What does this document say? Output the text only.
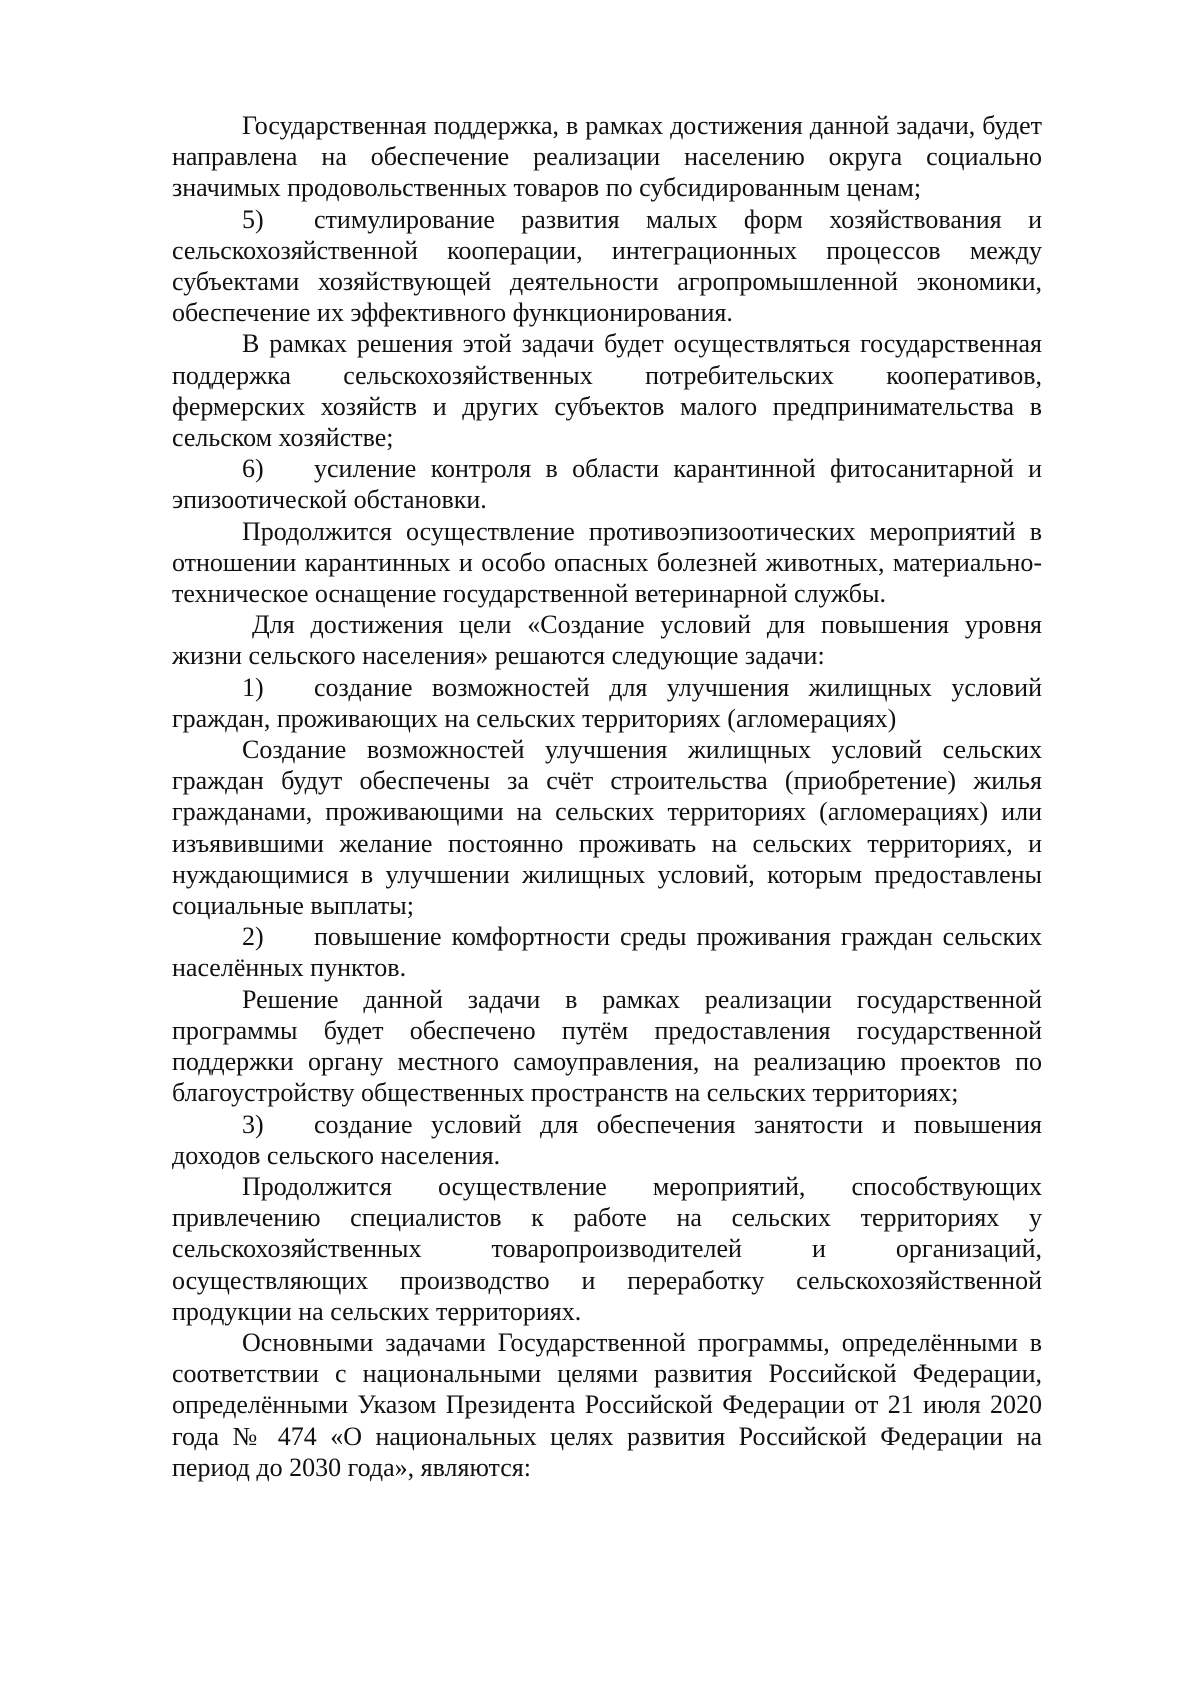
Государственная поддержка, в рамках достижения данной задачи, будет направлена на обеспечение реализации населению округа социально значимых продовольственных товаров по субсидированным ценам;

5) стимулирование развития малых форм хозяйствования и сельскохозяйственной кооперации, интеграционных процессов между субъектами хозяйствующей деятельности агропромышленной экономики, обеспечение их эффективного функционирования.

В рамках решения этой задачи будет осуществляться государственная поддержка сельскохозяйственных потребительских кооперативов, фермерских хозяйств и других субъектов малого предпринимательства в сельском хозяйстве;

6) усиление контроля в области карантинной фитосанитарной и эпизоотической обстановки.

Продолжится осуществление противоэпизоотических мероприятий в отношении карантинных и особо опасных болезней животных, материально-техническое оснащение государственной ветеринарной службы.

Для достижения цели «Создание условий для повышения уровня жизни сельского населения» решаются следующие задачи:

1) создание возможностей для улучшения жилищных условий граждан, проживающих на сельских территориях (агломерациях)

Создание возможностей улучшения жилищных условий сельских граждан будут обеспечены за счёт строительства (приобретение) жилья гражданами, проживающими на сельских территориях (агломерациях) или изъявившими желание постоянно проживать на сельских территориях, и нуждающимися в улучшении жилищных условий, которым предоставлены социальные выплаты;

2) повышение комфортности среды проживания граждан сельских населённых пунктов.

Решение данной задачи в рамках реализации государственной программы будет обеспечено путём предоставления государственной поддержки органу местного самоуправления, на реализацию проектов по благоустройству общественных пространств на сельских территориях;

3) создание условий для обеспечения занятости и повышения доходов сельского населения.

Продолжится осуществление мероприятий, способствующих привлечению специалистов к работе на сельских территориях у сельскохозяйственных товаропроизводителей и организаций, осуществляющих производство и переработку сельскохозяйственной продукции на сельских территориях.

Основными задачами Государственной программы, определёнными в соответствии с национальными целями развития Российской Федерации, определёнными Указом Президента Российской Федерации от 21 июля 2020 года № 474 «О национальных целях развития Российской Федерации на период до 2030 года», являются:
